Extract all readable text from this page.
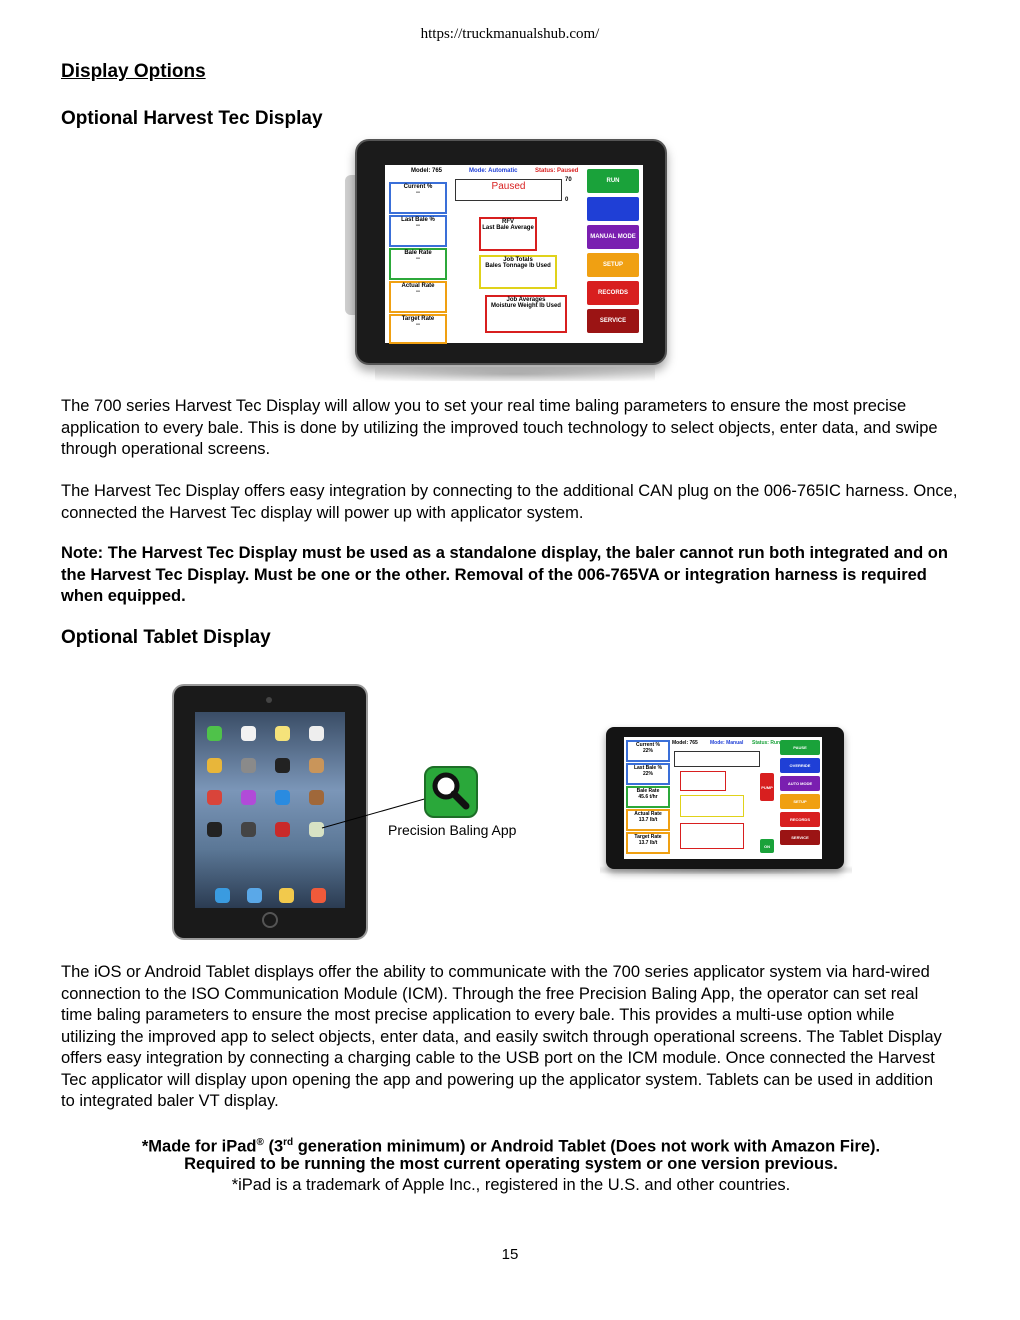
https://truckmanualshub.com/
Display Options
Optional Harvest Tec Display
Model: 765	Mode: Automatic	Status: Paused
Paused
70
0
Current %
--
Last Bale %
--
Bale Rate
--
Actual Rate
--
Target Rate
--
RFV
Last Bale Average
Job Totals
Bales Tonnage lb Used
Job Averages
Moisture Weight lb Used
RUN
MANUAL MODE
SETUP
RECORDS
SERVICE
The 700 series Harvest Tec Display will allow you to set your real time baling parameters to ensure the most precise application to every bale. This is done by utilizing the improved touch technology to select objects, enter data, and swipe through operational screens.
The Harvest Tec Display offers easy integration by connecting to the additional CAN plug on the 006-765IC harness. Once, connected the Harvest Tec display will power up with applicator system.
Note: The Harvest Tec Display must be used as a standalone display, the baler cannot run both integrated and on the Harvest Tec Display. Must be one or the other. Removal of the 006-765VA or integration harness is required when equipped.
Optional Tablet Display
Precision Baling App
Model: 765 Mode: Manual Status: Run
Current %
22%
Last Bale %
22%
Bale Rate
45.6 t/hr
Actual Rate
13.7 lb/t
Target Rate
13.7 lb/t
PUMP
ON
PAUSE
OVERRIDE
AUTO MODE
SETUP
RECORDS
SERVICE
The iOS or Android Tablet displays offer the ability to communicate with the 700 series applicator system via hard-wired connection to the ISO Communication Module (ICM). Through the free Precision Baling App, the operator can set real time baling parameters to ensure the most precise application to every bale. This provides a multi-use option while utilizing the improved app to select objects, enter data, and easily switch through operational screens. The Tablet Display offers easy integration by connecting a charging cable to the USB port on the ICM module. Once connected the Harvest Tec applicator will display upon opening the app and powering up the applicator system. Tablets can be used in addition to integrated baler VT display.
*Made for iPad® (3rd generation minimum) or Android Tablet (Does not work with Amazon Fire).
Required to be running the most current operating system or one version previous.
*iPad is a trademark of Apple Inc., registered in the U.S. and other countries.
15
